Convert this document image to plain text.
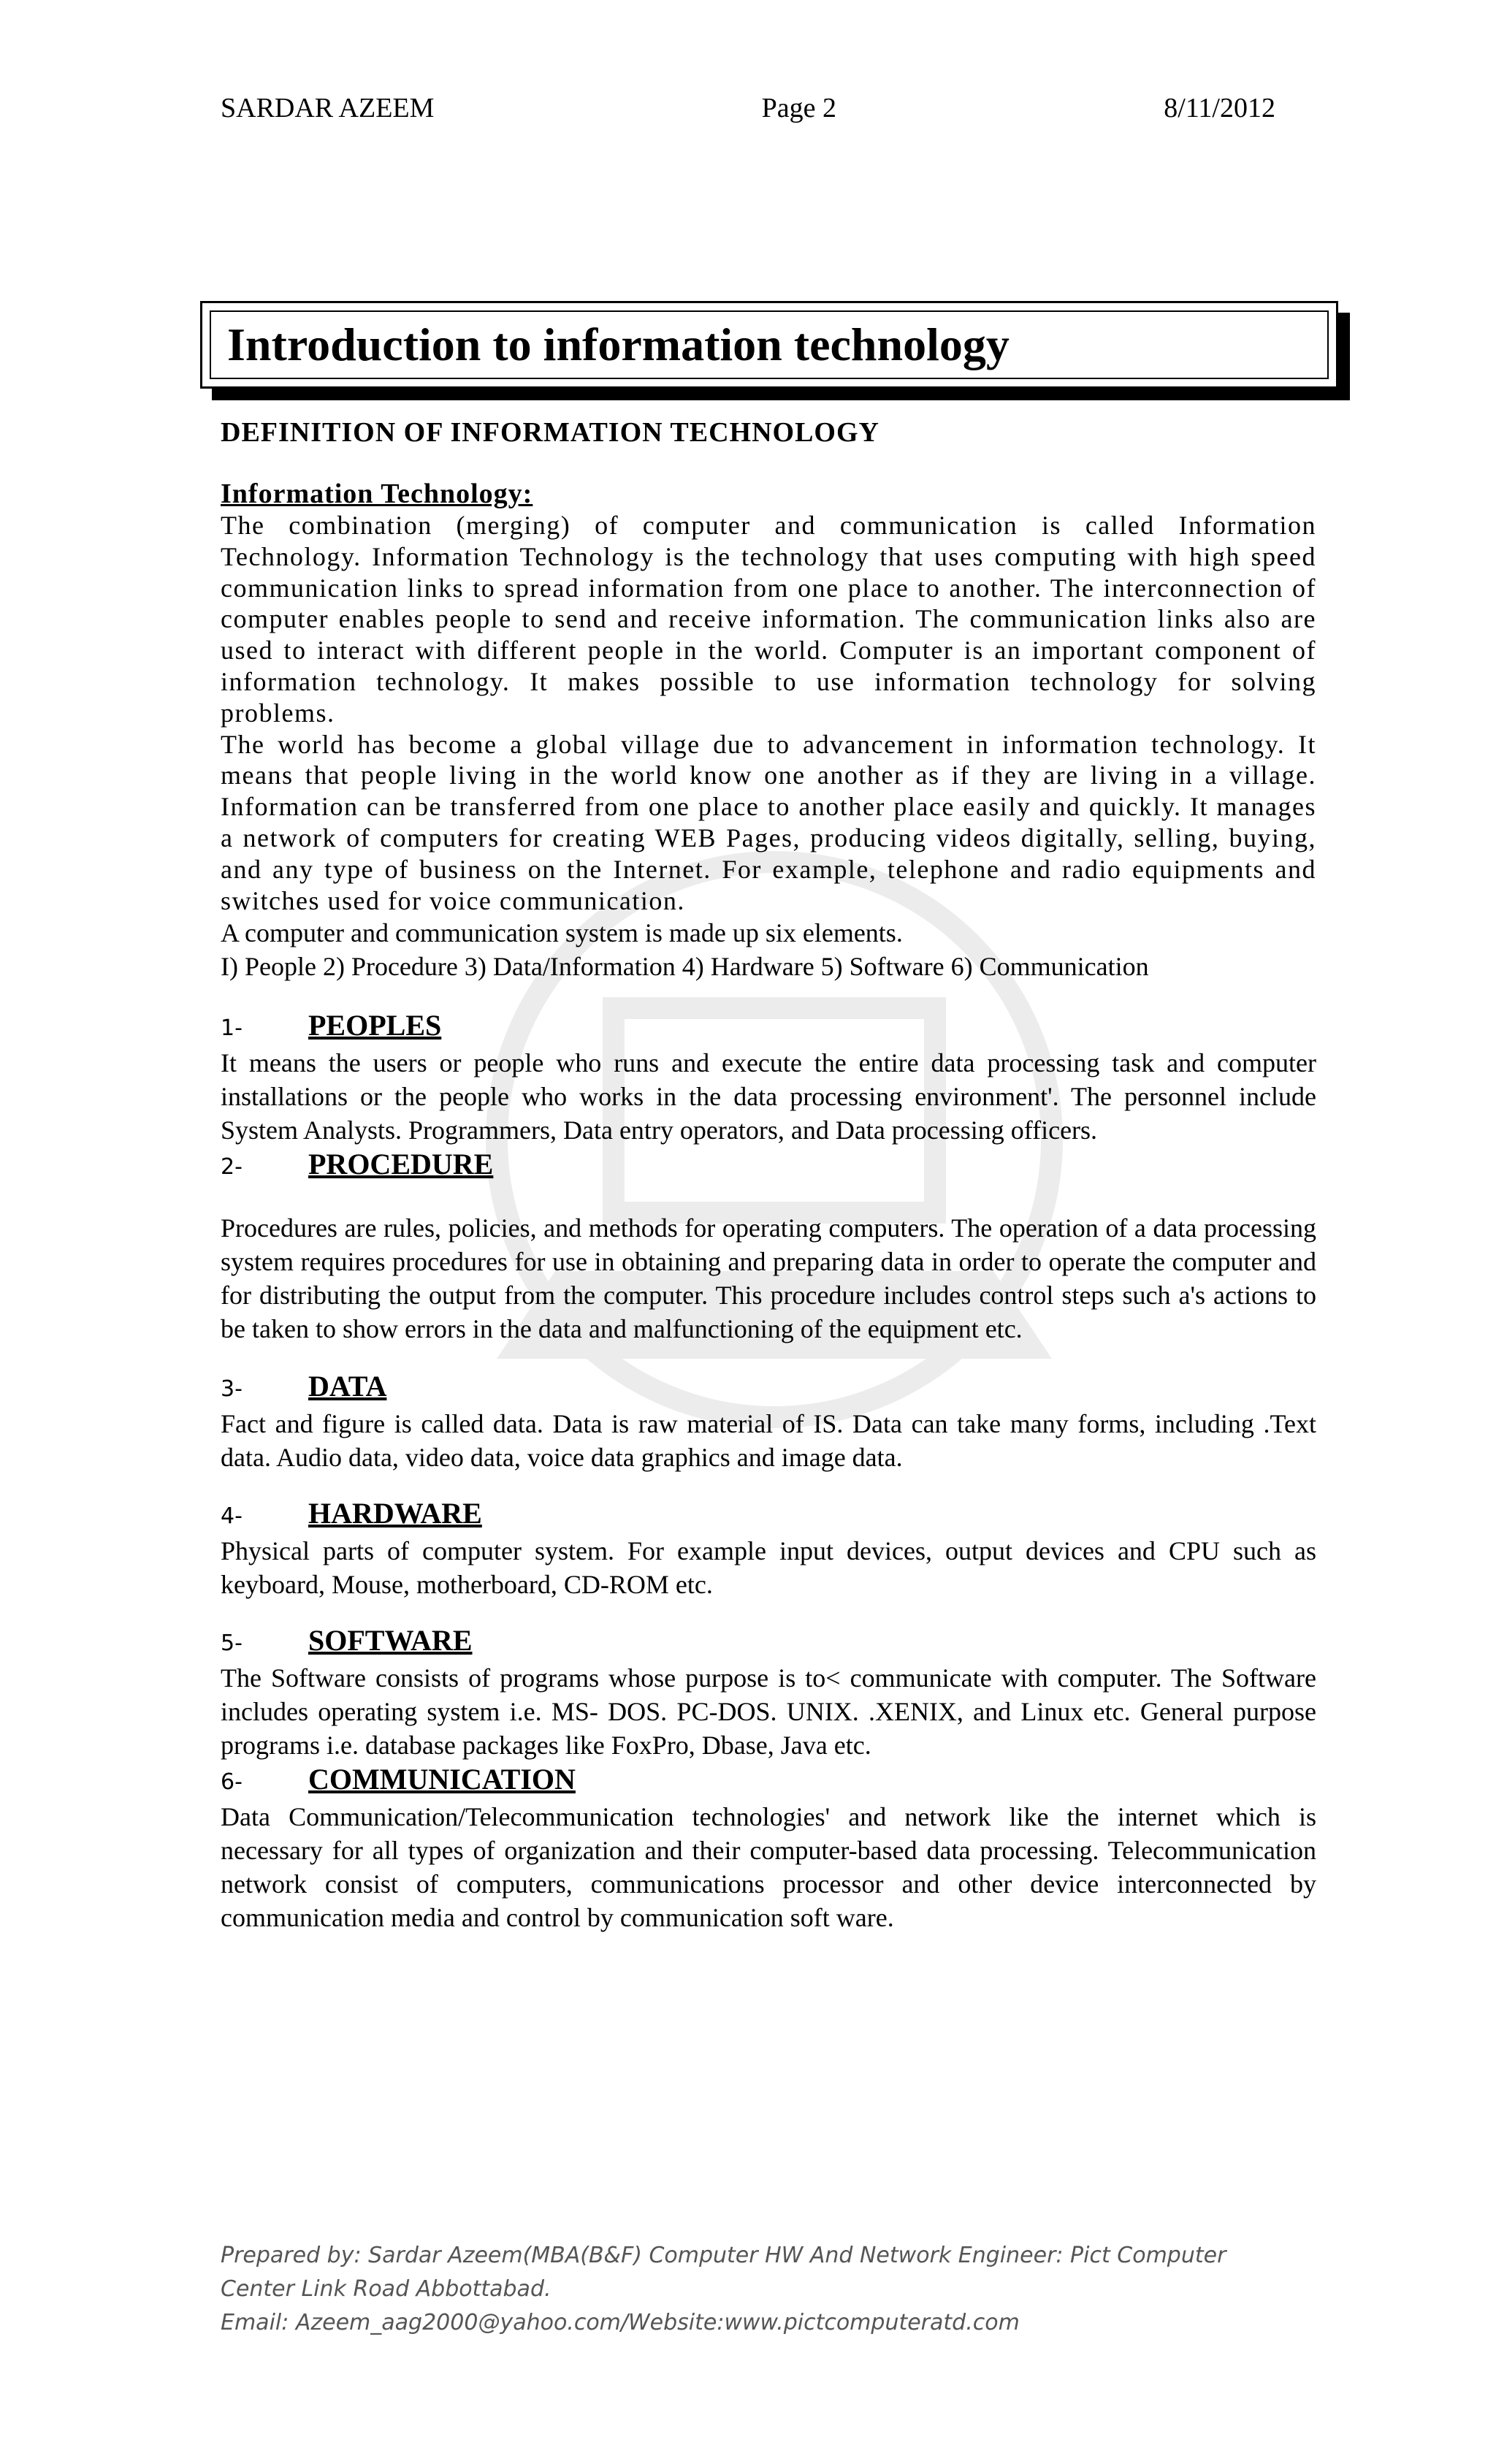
SARDAR AZEEM	Page 2	8/11/2012
Introduction to information technology

DEFINITION OF INFORMATION TECHNOLOGY

Information Technology:

The combination (merging) of computer and communication is called Information Technology. Information Technology is the technology that uses computing with high speed communication links to spread information from one place to another. The interconnection of computer enables people to send and receive information. The communication links also are used to interact with different people in the world. Computer is an important component of information technology. It makes possible to use information technology for solving problems.

The world has become a global village due to advancement in information technology. It means that people living in the world know one another as if they are living in a village. Information can be transferred from one place to another place easily and quickly. It manages a network of computers for creating WEB Pages, producing videos digitally, selling, buying, and any type of business on the Internet. For example, telephone and radio equipments and switches used for voice communication.

A computer and communication system is made up six elements.

I) People 2) Procedure 3) Data/Information 4) Hardware 5) Software 6) Communication

1-	PEOPLES

It means the users or people who runs and execute the entire data processing task and computer installations or the people who works in the data processing environment'. The personnel include System Analysts. Programmers, Data entry operators, and Data processing officers.

2-	PROCEDURE

Procedures are rules, policies, and methods for operating computers. The operation of a data processing system requires procedures for use in obtaining and preparing data in order to operate the computer and for distributing the output from the computer. This procedure includes control steps such a's actions to be taken to show errors in the data and malfunctioning of the equipment etc.

3-	DATA

Fact and figure is called data. Data is raw material of IS. Data can take many forms, including .Text data. Audio data, video data, voice data graphics and image data.

4-	HARDWARE

Physical parts of computer system. For example input devices, output devices and CPU such as keyboard, Mouse, motherboard, CD-ROM etc.

5-	SOFTWARE

The Software consists of programs whose purpose is to< communicate with computer. The Software includes operating system i.e. MS- DOS. PC-DOS. UNIX. .XENIX, and Linux etc. General purpose programs i.e. database packages like FoxPro, Dbase, Java etc.

6-	COMMUNICATION

Data Communication/Telecommunication technologies' and network like the internet which is necessary for all types of organization and their computer-based data processing. Telecommunication network consist of computers, communications processor and other device interconnected by communication media and control by communication soft ware.

Prepared by: Sardar Azeem(MBA(B&F) Computer HW And Network Engineer: Pict Computer
Center Link Road Abbottabad.
Email: Azeem_aag2000@yahoo.com/Website:www.pictcomputeratd.com
